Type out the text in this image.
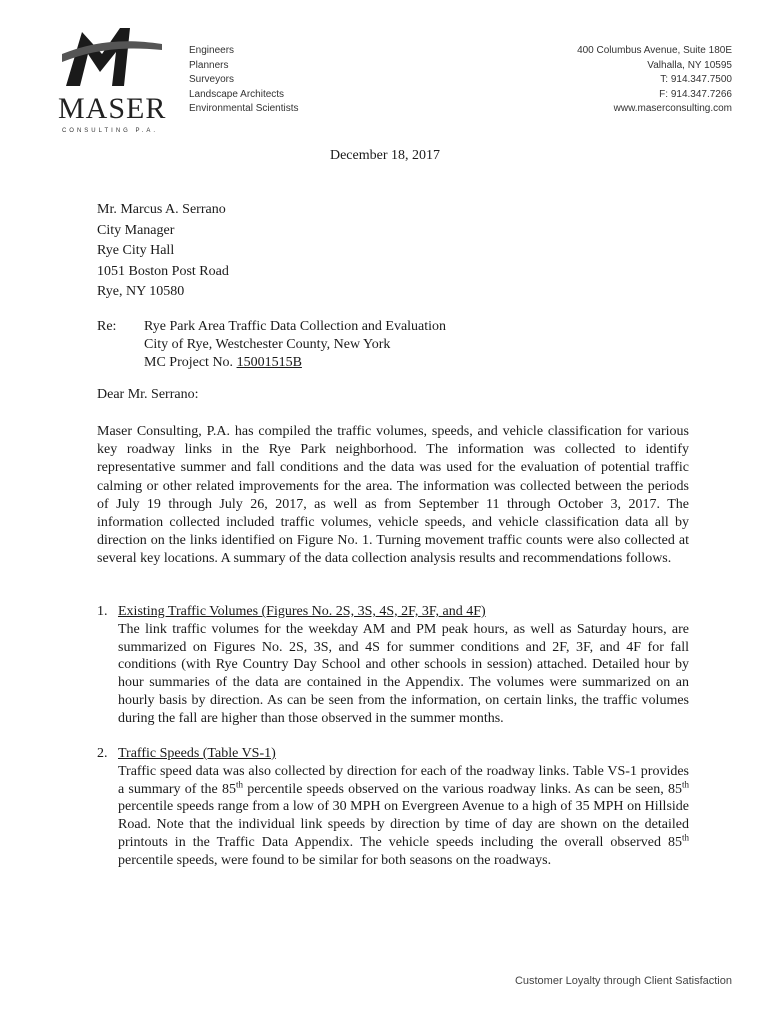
MASER
CONSULTING P.A.
Engineers
Planners
Surveyors
Landscape Architects
Environmental Scientists
400 Columbus Avenue, Suite 180E
Valhalla, NY 10595
T: 914.347.7500
F: 914.347.7266
www.maserconsulting.com
December 18, 2017
Mr. Marcus A. Serrano
City Manager
Rye City Hall
1051 Boston Post Road
Rye, NY 10580
Re: Rye Park Area Traffic Data Collection and Evaluation
City of Rye, Westchester County, New York
MC Project No. 15001515B
Dear Mr. Serrano:

Maser Consulting, P.A. has compiled the traffic volumes, speeds, and vehicle classification for various key roadway links in the Rye Park neighborhood. The information was collected to identify representative summer and fall conditions and the data was used for the evaluation of potential traffic calming or other related improvements for the area. The information was collected between the periods of July 19 through July 26, 2017, as well as from September 11 through October 3, 2017. The information collected included traffic volumes, vehicle speeds, and vehicle classification data all by direction on the links identified on Figure No. 1. Turning movement traffic counts were also collected at several key locations. A summary of the data collection analysis results and recommendations follows.

1. Existing Traffic Volumes (Figures No. 2S, 3S, 4S, 2F, 3F, and 4F)

The link traffic volumes for the weekday AM and PM peak hours, as well as Saturday hours, are summarized on Figures No. 2S, 3S, and 4S for summer conditions and 2F, 3F, and 4F for fall conditions (with Rye Country Day School and other schools in session) attached. Detailed hour by hour summaries of the data are contained in the Appendix. The volumes were summarized on an hourly basis by direction. As can be seen from the information, on certain links, the traffic volumes during the fall are higher than those observed in the summer months.

2. Traffic Speeds (Table VS-1)

Traffic speed data was also collected by direction for each of the roadway links. Table VS-1 provides a summary of the 85th percentile speeds observed on the various roadway links. As can be seen, 85th percentile speeds range from a low of 30 MPH on Evergreen Avenue to a high of 35 MPH on Hillside Road. Note that the individual link speeds by direction by time of day are shown on the detailed printouts in the Traffic Data Appendix. The vehicle speeds including the overall observed 85th percentile speeds, were found to be similar for both seasons on the roadways.

Customer Loyalty through Client Satisfaction
